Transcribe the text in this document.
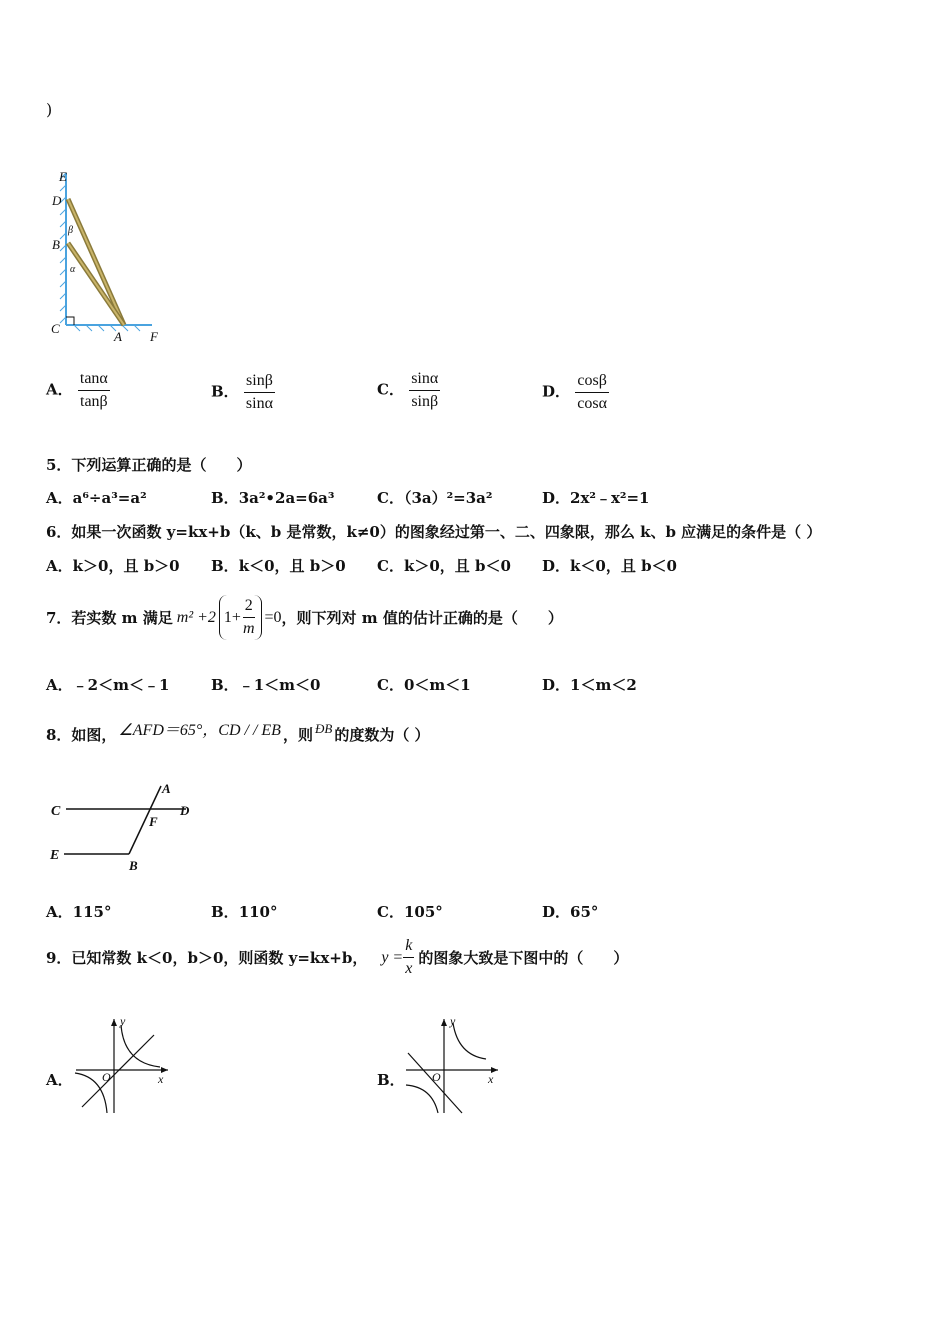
)
E
D
β
B
α
C
A F
A． $\frac{\tan\alpha}{\tan\beta}$	B． $\frac{\sin\beta}{\sin\alpha}$	C． $\frac{\sin\alpha}{\sin\beta}$	D． $\frac{\cos\beta}{\cos\alpha}$
5．下列运算正确的是（　　）
A．a⁶÷a³=a²	B．3a²•2a=6a³	C．（3a）²=3a²	D．2x²﹣x²=1
6．如果一次函数 y=kx+b（k、b 是常数，k≠0）的图象经过第一、二、四象限，那么 k、b 应满足的条件是（ ）
A．k＞0，且 b＞0 B．k＜0，且 b＞0 C．k＞0，且 b＜0 D．k＜0，且 b＜0
7．若实数 m 满足 m² +2 $1+ \frac{2}{m} =0$ ，则下列对 m 值的估计正确的是（　　）
A．﹣2＜m＜﹣1	B．﹣1＜m＜0	C．0＜m＜1	D．1＜m＜2
8．如图， ∠AFD＝65°，CD / / EB ，则 ÐB 的度数为（ ）
C
A
D
F
E
B
A．115°	B．110°	C．105°	D．65°
9．已知常数 k＜0，b＞0，则函数 y=kx+b， $y = \frac{k}{x}$ 的图象大致是下图中的（　　）
A．
y
x
O	B．
y
x
O
